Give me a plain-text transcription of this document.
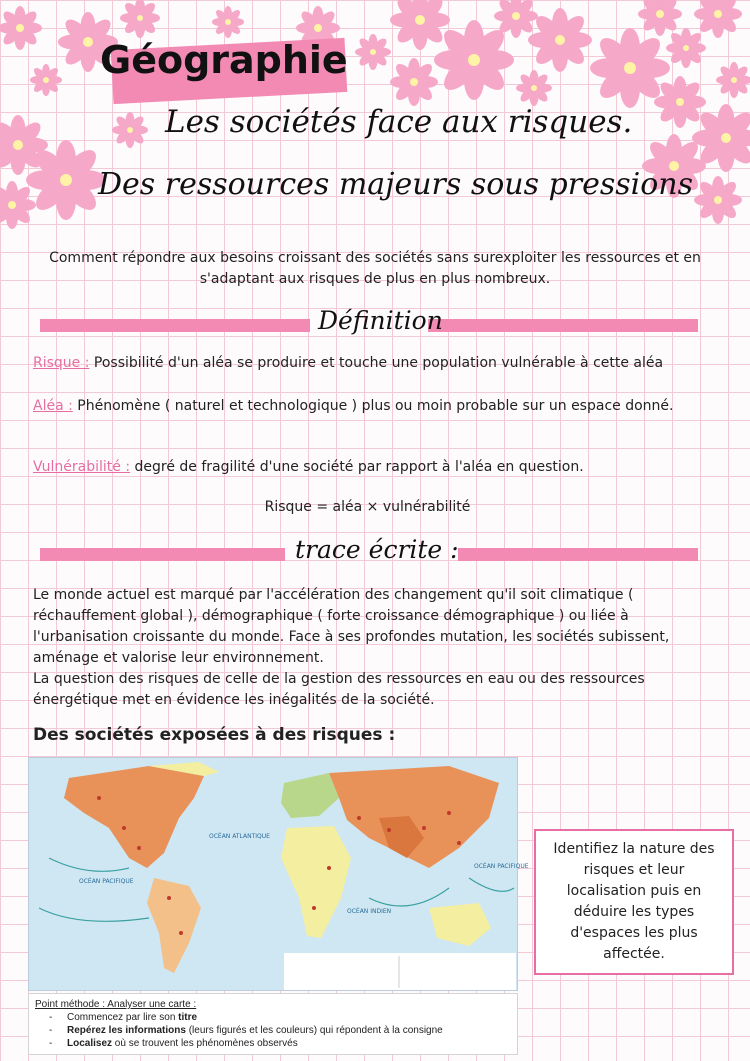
Géographie
Les sociétés face aux risques.
Des ressources majeurs sous pressions
Comment répondre aux besoins croissant des sociétés sans surexploiter les ressources et en s'adaptant aux risques de plus en plus nombreux.
Définition
Risque : Possibilité d'un aléa se produire et touche une population vulnérable à cette aléa
Aléa : Phénomène ( naturel et technologique ) plus ou moin probable sur un espace donné.
Vulnérabilité : degré de fragilité d'une société par rapport à l'aléa en question.
Risque = aléa × vulnérabilité
trace écrite :
Le monde actuel est marqué par l'accélération des changement qu'il soit climatique ( réchauffement global ), démographique ( forte croissance démographique ) ou liée à l'urbanisation croissante du monde. Face à ses profondes mutation, les sociétés subissent, aménage et valorise leur environnement.
La question des risques de celle de la gestion des ressources en eau ou des ressources énergétique met en évidence les inégalités de la société.
Des sociétés exposées à des risques :
OCÉAN ATLANTIQUE
OCÉAN PACIFIQUE
OCÉAN INDIEN
OCÉAN PACIFIQUE
Point méthode : Analyser une carte :
- Commencez par lire son titre
- Repérez les informations (leurs figurés et les couleurs) qui répondent à la consigne
- Localisez où se trouvent les phénomènes observés
Identifiez la nature des risques et leur localisation puis en déduire les types d'espaces les plus affectée.
